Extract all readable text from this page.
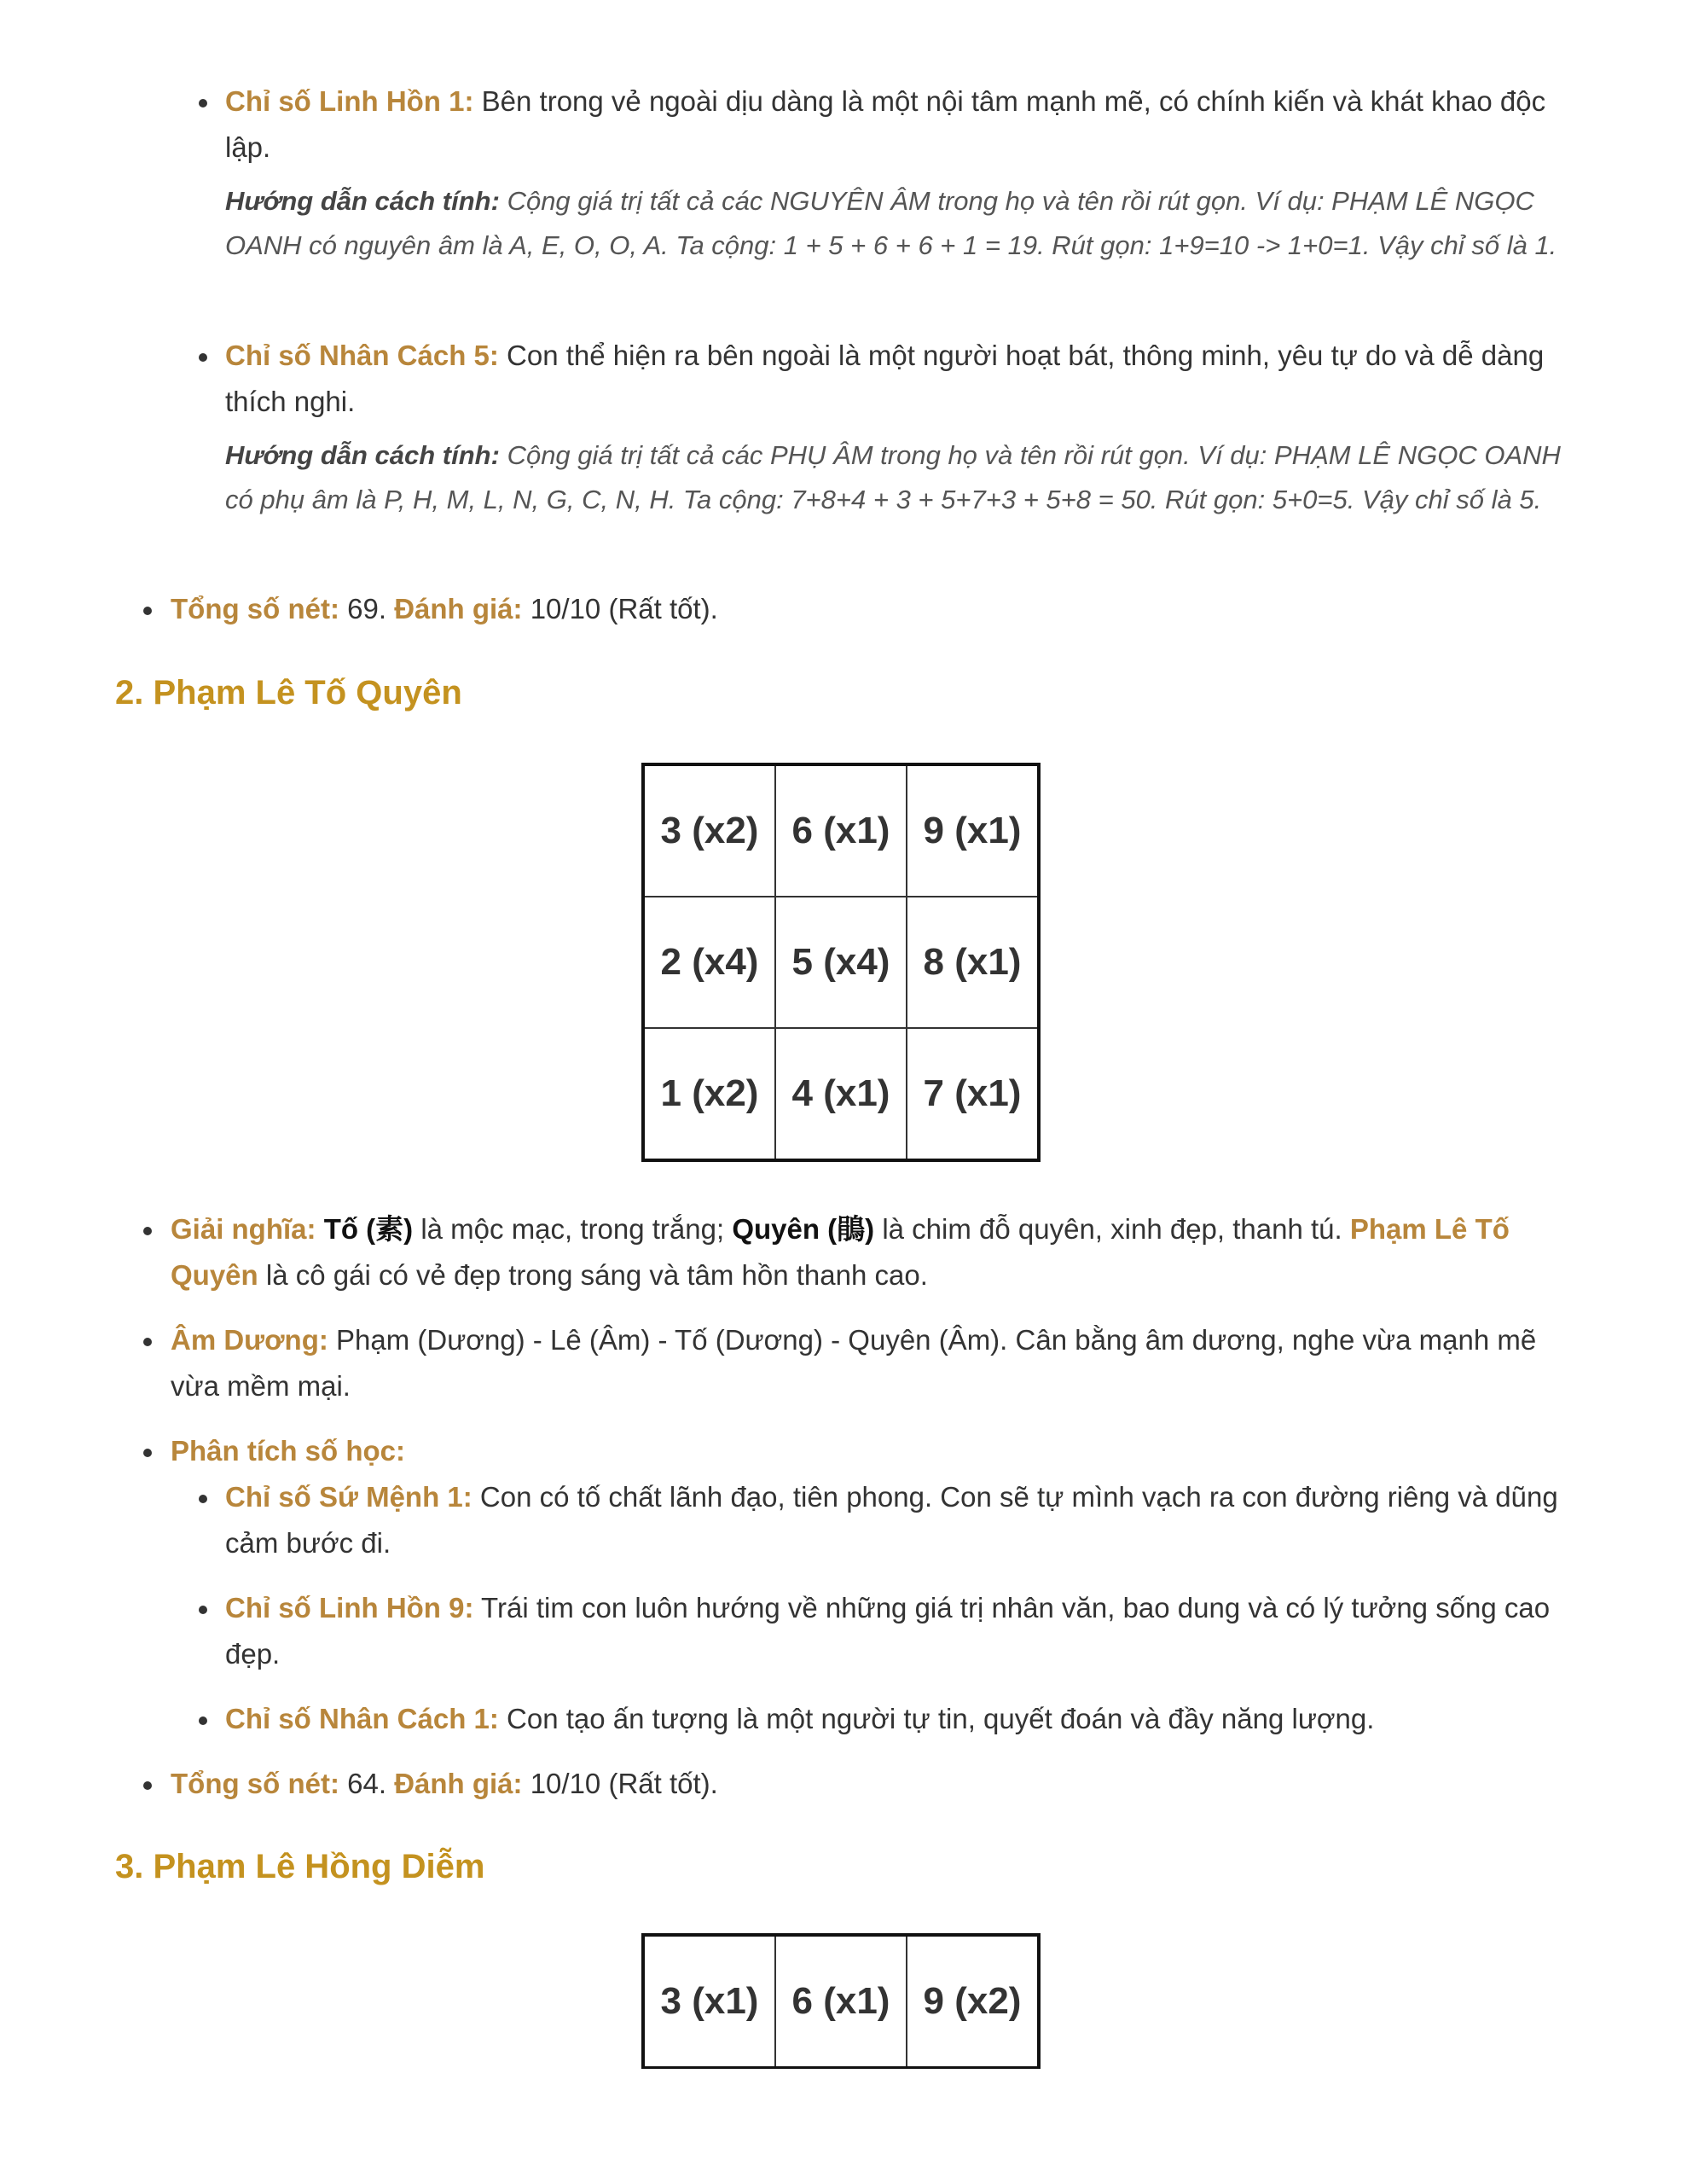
Chỉ số Linh Hồn 1: Bên trong vẻ ngoài dịu dàng là một nội tâm mạnh mẽ, có chính kiến và khát khao độc lập.
Hướng dẫn cách tính: Cộng giá trị tất cả các NGUYÊN ÂM trong họ và tên rồi rút gọn. Ví dụ: PHẠM LÊ NGỌC OANH có nguyên âm là A, E, O, O, A. Ta cộng: 1 + 5 + 6 + 6 + 1 = 19. Rút gọn: 1+9=10 -> 1+0=1. Vậy chỉ số là 1.
Chỉ số Nhân Cách 5: Con thể hiện ra bên ngoài là một người hoạt bát, thông minh, yêu tự do và dễ dàng thích nghi.
Hướng dẫn cách tính: Cộng giá trị tất cả các PHỤ ÂM trong họ và tên rồi rút gọn. Ví dụ: PHẠM LÊ NGỌC OANH có phụ âm là P, H, M, L, N, G, C, N, H. Ta cộng: 7+8+4 + 3 + 5+7+3 + 5+8 = 50. Rút gọn: 5+0=5. Vậy chỉ số là 5.
Tổng số nét: 69. Đánh giá: 10/10 (Rất tốt).
2. Phạm Lê Tố Quyên
3 (x2)	6 (x1)	9 (x1)
2 (x4)	5 (x4)	8 (x1)
1 (x2)	4 (x1)	7 (x1)
Giải nghĩa: Tố (素) là mộc mạc, trong trắng; Quyên (鵑) là chim đỗ quyên, xinh đẹp, thanh tú. Phạm Lê Tố Quyên là cô gái có vẻ đẹp trong sáng và tâm hồn thanh cao.
Âm Dương: Phạm (Dương) - Lê (Âm) - Tố (Dương) - Quyên (Âm). Cân bằng âm dương, nghe vừa mạnh mẽ vừa mềm mại.
Phân tích số học:
Chỉ số Sứ Mệnh 1: Con có tố chất lãnh đạo, tiên phong. Con sẽ tự mình vạch ra con đường riêng và dũng cảm bước đi.
Chỉ số Linh Hồn 9: Trái tim con luôn hướng về những giá trị nhân văn, bao dung và có lý tưởng sống cao đẹp.
Chỉ số Nhân Cách 1: Con tạo ấn tượng là một người tự tin, quyết đoán và đầy năng lượng.
Tổng số nét: 64. Đánh giá: 10/10 (Rất tốt).
3. Phạm Lê Hồng Diễm
3 (x1)	6 (x1)	9 (x2)
